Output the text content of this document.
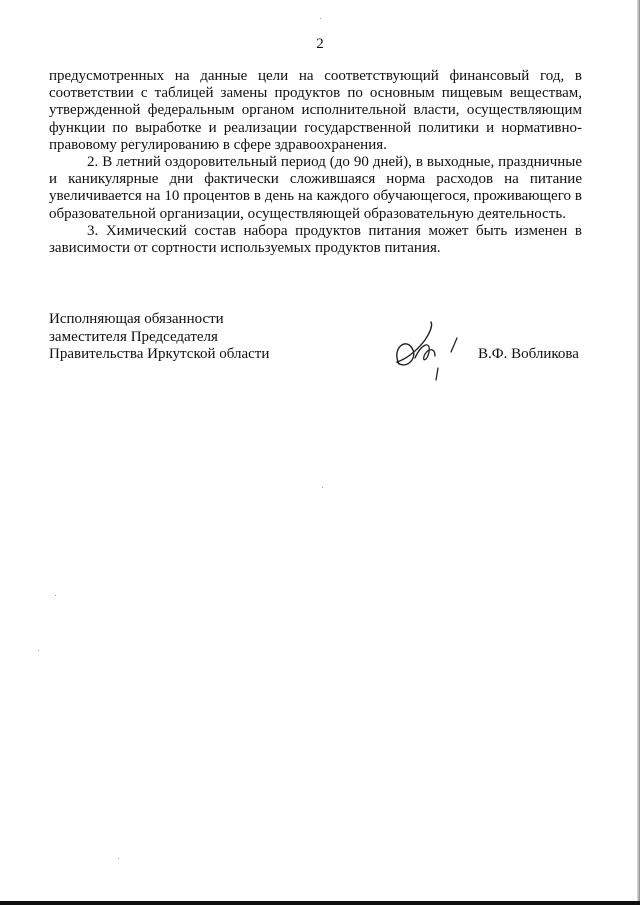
2

предусмотренных на данные цели на соответствующий финансовый год, в соответствии с таблицей замены продуктов по основным пищевым веществам, утвержденной федеральным органом исполнительной власти, осуществляющим функции по выработке и реализации государственной политики и нормативно-правовому регулированию в сфере здравоохранения.

2. В летний оздоровительный период (до 90 дней), в выходные, праздничные и каникулярные дни фактически сложившаяся норма расходов на питание увеличивается на 10 процентов в день на каждого обучающегося, проживающего в образовательной организации, осуществляющей образовательную деятельность.

3. Химический состав набора продуктов питания может быть изменен в зависимости от сортности используемых продуктов питания.

Исполняющая обязанности
заместителя Председателя
Правительства Иркутской области	В.Ф. Вобликова
